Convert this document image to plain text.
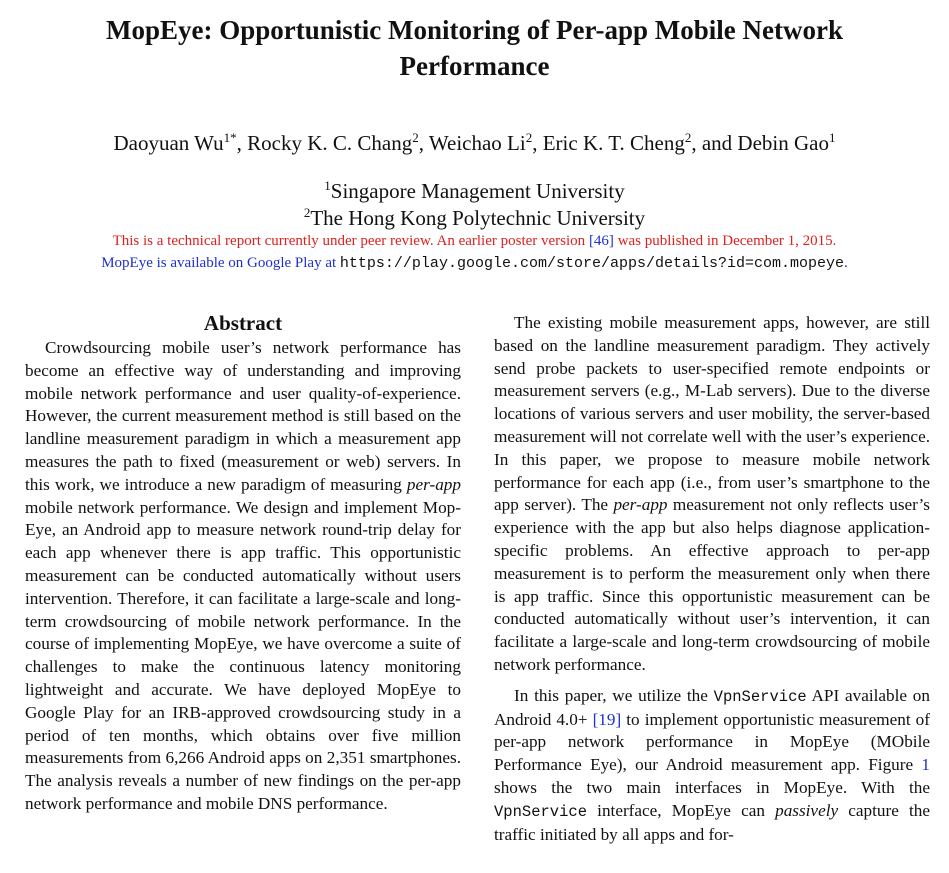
MopEye: Opportunistic Monitoring of Per-app Mobile Network Performance
Daoyuan $Wu^{1*}$, Rocky K. C. Chang$^2$, Weichao Li$^2$, Eric K. T. Cheng$^2$, and Debin Gao$^1$
$^1$Singapore Management University
$^2$The Hong Kong Polytechnic University
This is a technical report currently under peer review. An earlier poster version [46] was published in December 1, 2015.
MopEye is available on Google Play at https://play.google.com/store/apps/details?id=com.mopeye.
Abstract

Crowdsourcing mobile user’s network performance has become an effective way of understanding and improving mobile network performance and user quality-of-experience. However, the current measurement method is still based on the landline measurement paradigm in which a measurement app measures the path to fixed (measurement or web) servers. In this work, we introduce a new paradigm of measuring per-app mobile network performance. We design and implement MopEye, an Android app to measure network round-trip delay for each app whenever there is app traffic. This opportunistic measurement can be conducted automatically without users intervention. Therefore, it can facilitate a large-scale and long-term crowdsourcing of mobile network performance. In the course of implementing MopEye, we have overcome a suite of challenges to make the continuous latency monitoring lightweight and accurate. We have deployed MopEye to Google Play for an IRB-approved crowdsourcing study in a period of ten months, which obtains over five million measurements from 6,266 Android apps on 2,351 smartphones. The analysis reveals a number of new findings on the per-app network performance and mobile DNS performance.

The existing mobile measurement apps, however, are still based on the landline measurement paradigm. They actively send probe packets to user-specified remote endpoints or measurement servers (e.g., M-Lab servers). Due to the diverse locations of various servers and user mobility, the server-based measurement will not correlate well with the user’s experience. In this paper, we propose to measure mobile network performance for each app (i.e., from user’s smartphone to the app server). The per-app measurement not only reflects user’s experience with the app but also helps diagnose application-specific problems. An effective approach to per-app measurement is to perform the measurement only when there is app traffic. Since this opportunistic measurement can be conducted automatically without user’s intervention, it can facilitate a large-scale and long-term crowdsourcing of mobile network performance.

In this paper, we utilize the VpnService API available on Android 4.0+ [19] to implement opportunistic measurement of per-app network performance in MopEye (MObile Performance Eye), our Android measurement app. Figure 1 shows the two main interfaces in MopEye. With the VpnService interface, MopEye can passively capture the traffic initiated by all apps and for-
